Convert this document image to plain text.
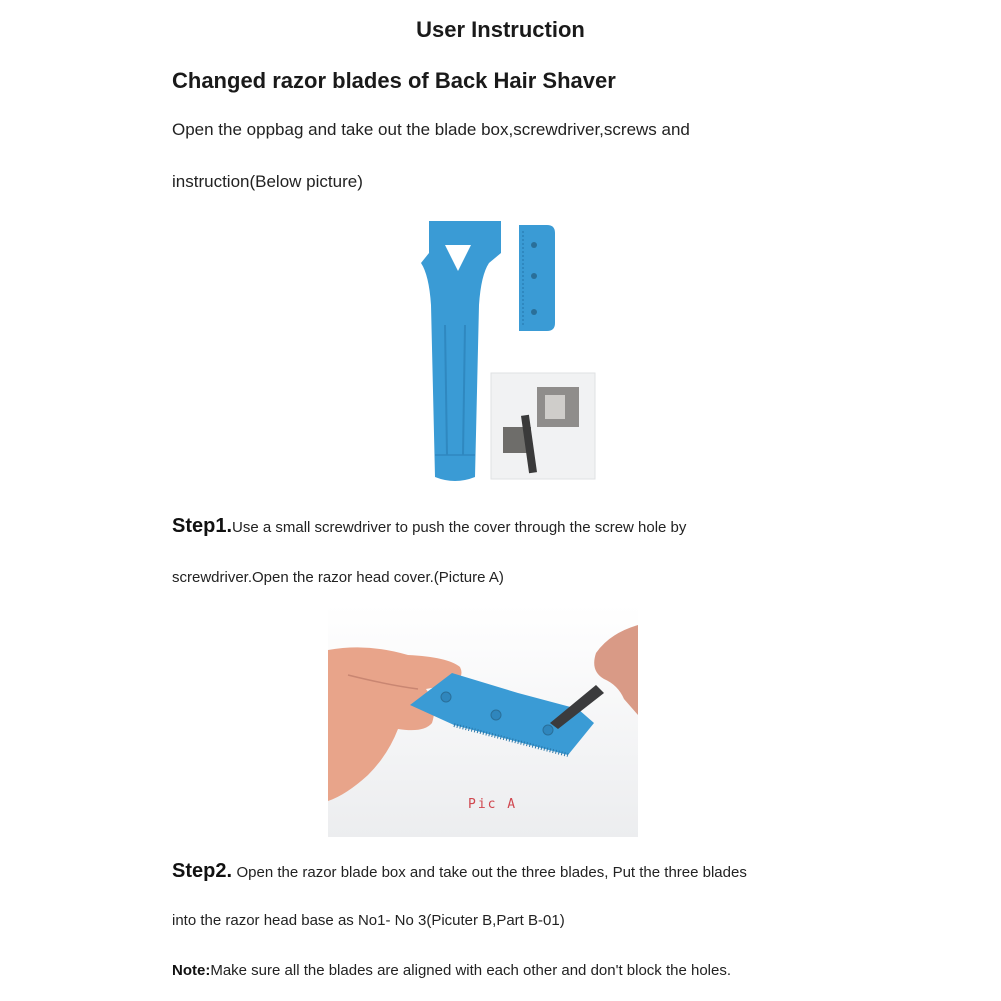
User Instruction
Changed razor blades of Back Hair Shaver
Open the oppbag and take out the blade box,screwdriver,screws and
instruction(Below picture)
Step1.Use a small screwdriver to push the cover through the screw hole by
screwdriver.Open the razor head cover.(Picture A)
Pic A
Step2. Open the razor blade box and take out the three blades, Put the three blades
into the razor head base as No1- No 3(Picuter B,Part B-01)
Note:Make sure all the blades are aligned with each other and don't block the holes.
